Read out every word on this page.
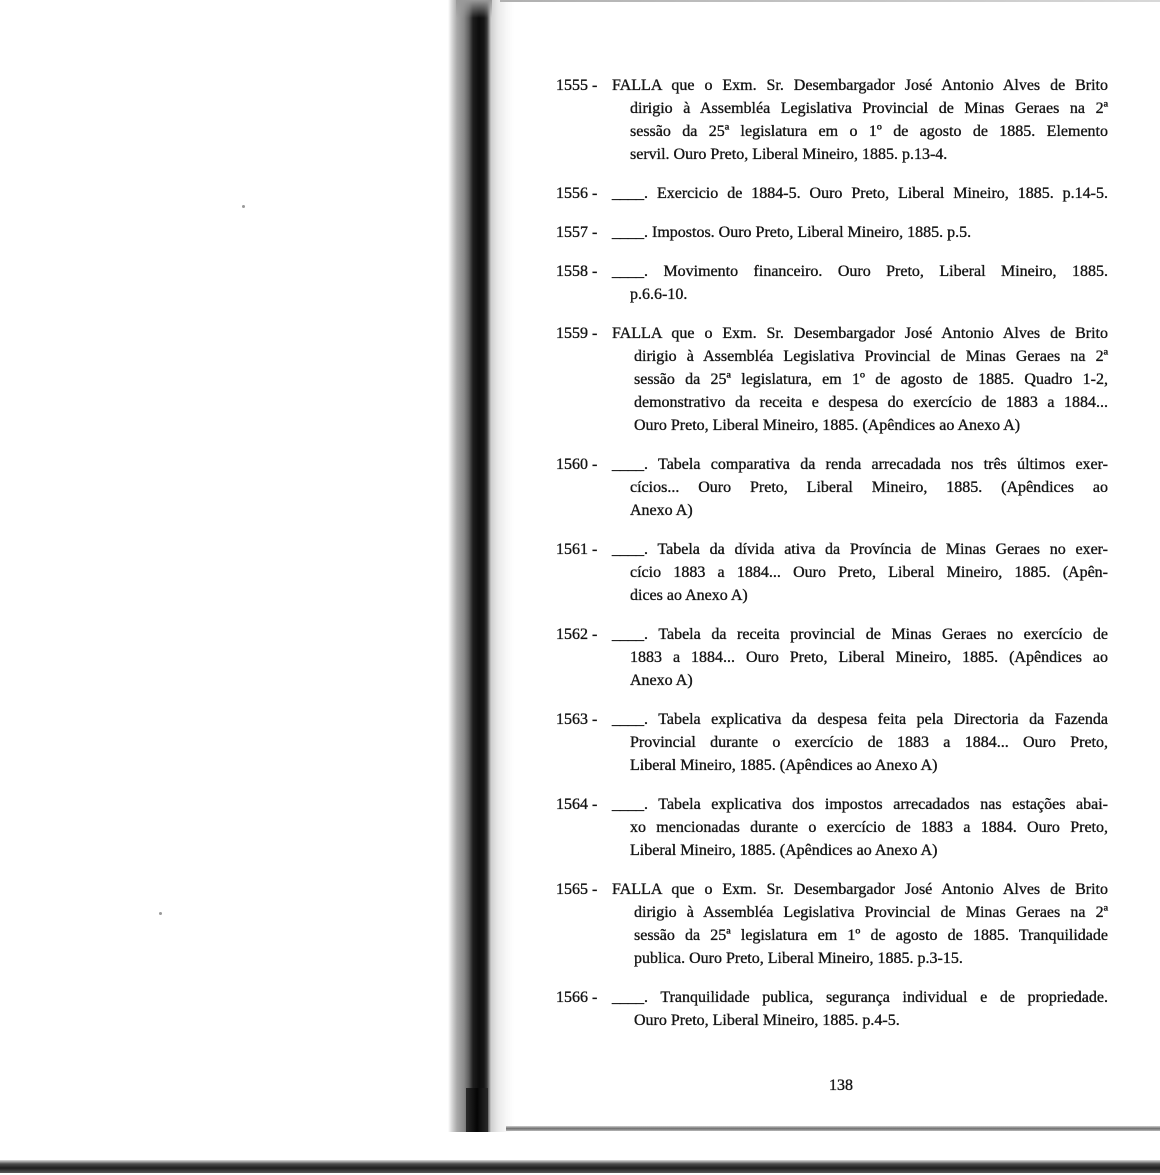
1555 - FALLA que o Exm. Sr. Desembargador José Antonio Alves de Brito
dirigio à Assembléa Legislativa Provincial de Minas Geraes na 2ª
sessão da 25ª legislatura em o 1º de agosto de 1885. Elemento
servil. Ouro Preto, Liberal Mineiro, 1885. p.13-4.
1556 - ____. Exercicio de 1884-5. Ouro Preto, Liberal Mineiro, 1885. p.14-5.
1557 - ____. Impostos. Ouro Preto, Liberal Mineiro, 1885. p.5.
1558 - ____. Movimento financeiro. Ouro Preto, Liberal Mineiro, 1885.
p.6.6-10.
1559 - FALLA que o Exm. Sr. Desembargador José Antonio Alves de Brito
dirigio à Assembléa Legislativa Provincial de Minas Geraes na 2ª
sessão da 25ª legislatura, em 1º de agosto de 1885. Quadro 1-2,
demonstrativo da receita e despesa do exercício de 1883 a 1884...
Ouro Preto, Liberal Mineiro, 1885. (Apêndices ao Anexo A)
1560 - ____. Tabela comparativa da renda arrecadada nos três últimos exer-
cícios... Ouro Preto, Liberal Mineiro, 1885. (Apêndices ao
Anexo A)
1561 - ____. Tabela da dívida ativa da Província de Minas Geraes no exer-
cício 1883 a 1884... Ouro Preto, Liberal Mineiro, 1885. (Apên-
dices ao Anexo A)
1562 - ____. Tabela da receita provincial de Minas Geraes no exercício de
1883 a 1884... Ouro Preto, Liberal Mineiro, 1885. (Apêndices ao
Anexo A)
1563 - ____. Tabela explicativa da despesa feita pela Directoria da Fazenda
Provincial durante o exercício de 1883 a 1884... Ouro Preto,
Liberal Mineiro, 1885. (Apêndices ao Anexo A)
1564 - ____. Tabela explicativa dos impostos arrecadados nas estações abai-
xo mencionadas durante o exercício de 1883 a 1884. Ouro Preto,
Liberal Mineiro, 1885. (Apêndices ao Anexo A)
1565 - FALLA que o Exm. Sr. Desembargador José Antonio Alves de Brito
dirigio à Assembléa Legislativa Provincial de Minas Geraes na 2ª
sessão da 25ª legislatura em 1º de agosto de 1885. Tranquilidade
publica. Ouro Preto, Liberal Mineiro, 1885. p.3-15.
1566 - ____. Tranquilidade publica, segurança individual e de propriedade.
Ouro Preto, Liberal Mineiro, 1885. p.4-5.
138
